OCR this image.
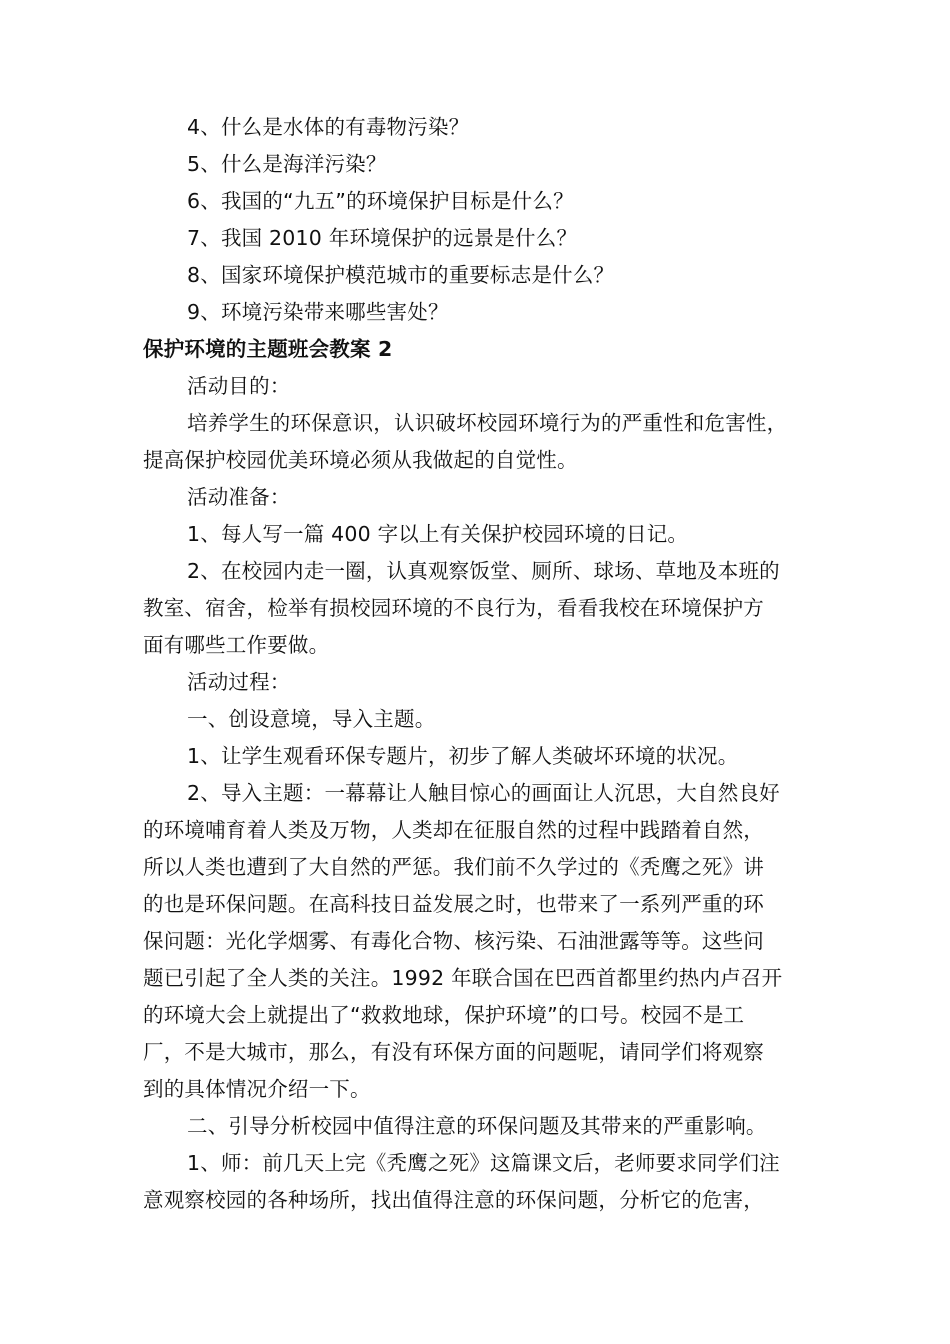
4、什么是水体的有毒物污染？
5、什么是海洋污染？
6、我国的“九五”的环境保护目标是什么？
7、我国 2010 年环境保护的远景是什么？
8、国家环境保护模范城市的重要标志是什么？
9、环境污染带来哪些害处？
保护环境的主题班会教案 2
活动目的：
培养学生的环保意识，认识破坏校园环境行为的严重性和危害性，
提高保护校园优美环境必须从我做起的自觉性。
活动准备：
1、每人写一篇 400 字以上有关保护校园环境的日记。
2、在校园内走一圈，认真观察饭堂、厕所、球场、草地及本班的
教室、宿舍，检举有损校园环境的不良行为，看看我校在环境保护方
面有哪些工作要做。
活动过程：
一、创设意境，导入主题。
1、让学生观看环保专题片，初步了解人类破坏环境的状况。
2、导入主题：一幕幕让人触目惊心的画面让人沉思，大自然良好
的环境哺育着人类及万物，人类却在征服自然的过程中践踏着自然，
所以人类也遭到了大自然的严惩。我们前不久学过的《秃鹰之死》讲
的也是环保问题。在高科技日益发展之时，也带来了一系列严重的环
保问题：光化学烟雾、有毒化合物、核污染、石油泄露等等。这些问
题已引起了全人类的关注。1992 年联合国在巴西首都里约热内卢召开
的环境大会上就提出了“救救地球，保护环境”的口号。校园不是工
厂，不是大城市，那么，有没有环保方面的问题呢，请同学们将观察
到的具体情况介绍一下。
二、引导分析校园中值得注意的环保问题及其带来的严重影响。
1、师：前几天上完《秃鹰之死》这篇课文后，老师要求同学们注
意观察校园的各种场所，找出值得注意的环保问题，分析它的危害，
